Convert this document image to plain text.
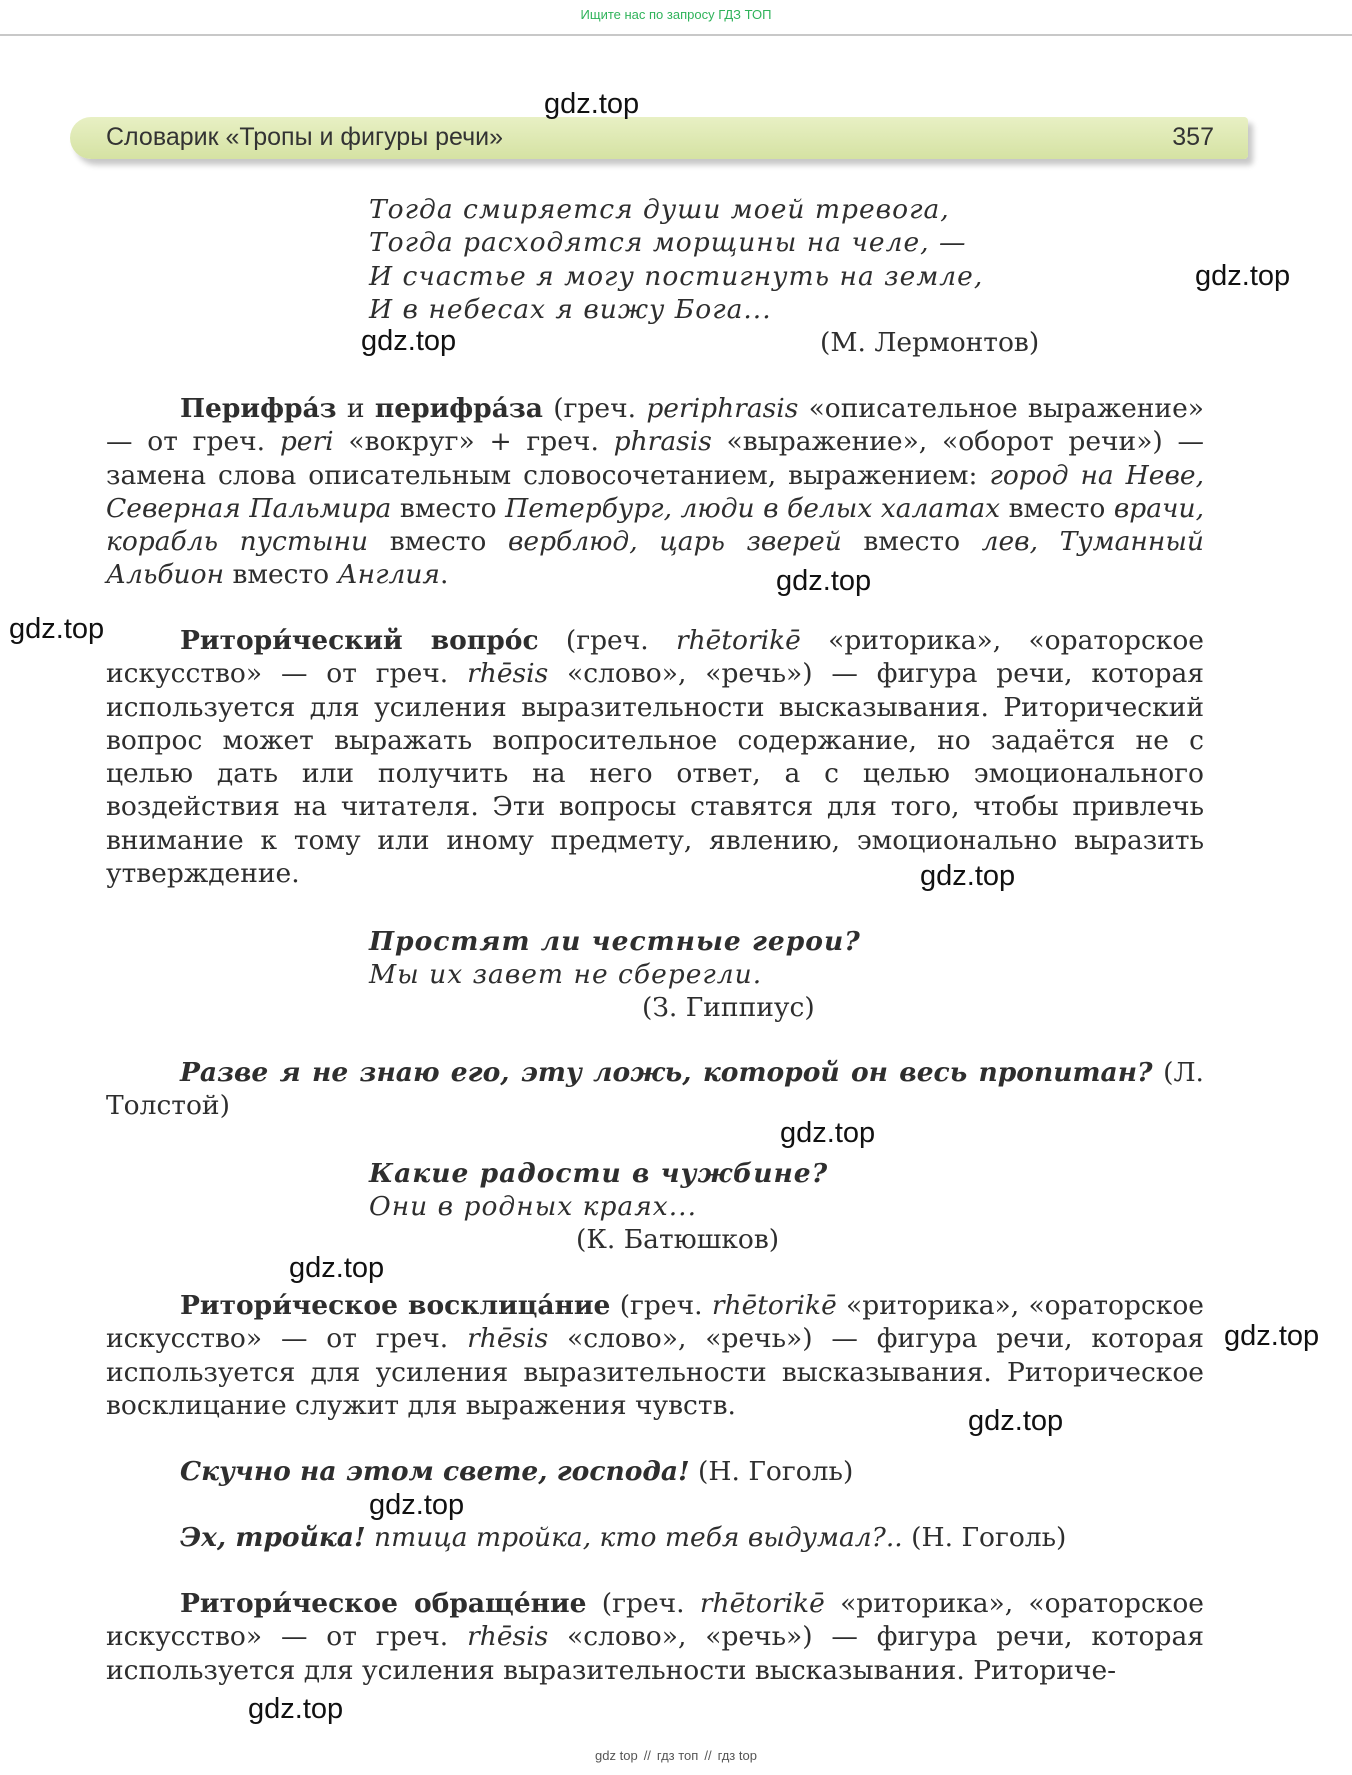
Ищите нас по запросу ГДЗ ТОП
Словарик «Тропы и фигуры речи»	357
Тогда смиряется души моей тревога,
Тогда расходятся морщины на челе, —
И счастье я могу постигнуть на земле,
И в небесах я вижу Бога...
(М. Лермонтов)
Перифра́з и перифра́за (греч. periphrasis «описательное выражение» — от греч. peri «вокруг» + греч. phrasis «выражение», «оборот речи») — замена слова описательным словосочетанием, выражением: город на Неве, Северная Пальмира вместо Петербург, люди в белых халатах вместо врачи, корабль пустыни вместо верблюд, царь зверей вместо лев, Туманный Альбион вместо Англия.
Ритори́ческий вопро́с (греч. rhētorikē «риторика», «ораторское искусство» — от греч. rhēsis «слово», «речь») — фигура речи, которая используется для усиления выразительности высказывания. Риторический вопрос может выражать вопросительное содержание, но задаётся не с целью дать или получить на него ответ, а с целью эмоционального воздействия на читателя. Эти вопросы ставятся для того, чтобы привлечь внимание к тому или иному предмету, явлению, эмоционально выразить утверждение.
Простят ли честные герои?
Мы их завет не сберегли.
(З. Гиппиус)
Разве я не знаю его, эту ложь, которой он весь пропитан? (Л. Толстой)
Какие радости в чужбине?
Они в родных краях...
(К. Батюшков)
Ритори́ческое восклица́ние (греч. rhētorikē «риторика», «ораторское искусство» — от греч. rhēsis «слово», «речь») — фигура речи, которая используется для усиления выразительности высказывания. Риторическое восклицание служит для выражения чувств.
Скучно на этом свете, господа! (Н. Гоголь)
Эх, тройка! птица тройка, кто тебя выдумал?.. (Н. Гоголь)
Ритори́ческое обраще́ние (греч. rhētorikē «риторика», «ораторское искусство» — от греч. rhēsis «слово», «речь») — фигура речи, которая используется для усиления выразительности высказывания. Риториче-
gdz.top
gdz.top
gdz.top
gdz.top
gdz.top
gdz.top
gdz.top
gdz.top
gdz.top
gdz.top
gdz.top
gdz.top
gdz top // гдз топ // гдз top
